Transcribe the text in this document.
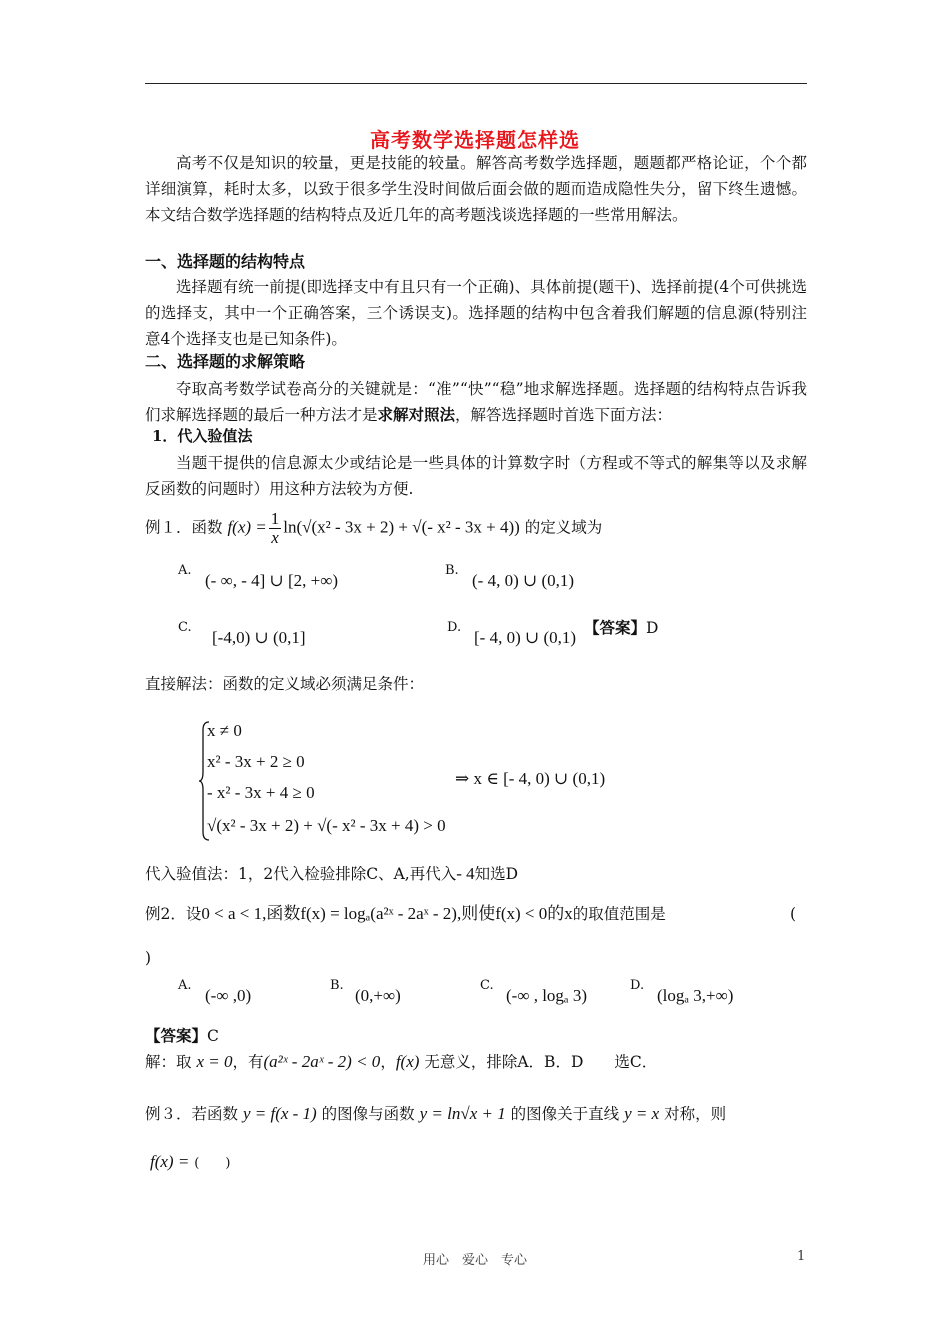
高考数学选择题怎样选
高考不仅是知识的较量，更是技能的较量。解答高考数学选择题，题题都严格论证，个个都详细演算，耗时太多，以致于很多学生没时间做后面会做的题而造成隐性失分，留下终生遗憾。本文结合数学选择题的结构特点及近几年的高考题浅谈选择题的一些常用解法。
一、选择题的结构特点
选择题有统一前提(即选择支中有且只有一个正确)、具体前提(题干)、选择前提(4个可供挑选的选择支，其中一个正确答案，三个诱误支)。选择题的结构中包含着我们解题的信息源(特别注意4个选择支也是已知条件)。
二、选择题的求解策略
夺取高考数学试卷高分的关键就是：“准”“快”“稳”地求解选择题。选择题的结构特点告诉我们求解选择题的最后一种方法才是求解对照法，解答选择题时首选下面方法：
1．代入验值法
当题干提供的信息源太少或结论是一些具体的计算数字时（方程或不等式的解集等以及求解反函数的问题时）用这种方法较为方便.
例１．函数 $f(x) = \frac{1}{x} \ln(√(x^2 - 3x + 2)$ + √(- x² - 3x + 4)) 的定义域为
A.
(- ∞, - 4] ∪ [2, +∞)
B.
(- 4, 0) ∪ (0,1)
C.
[-4,0) ∪ (0,1]
D.
[- 4, 0) ∪ (0,1)
【答案】D
直接解法：函数的定义域必须满足条件：
x ≠ 0
x² - 3x + 2 ≥ 0
- x² - 3x + 4 ≥ 0
√(x² - 3x + 2) + √(- x² - 3x + 4) > 0
⇒ x ∈ [- 4, 0) ∪ (0,1)
代入验值法：1，2代入检验排除C、A,再代入- 4知选D
例2．设0 < a < 1,函数f(x) = logₐ(a²ˣ - 2aˣ - 2),则使f(x) < 0的x的取值范围是	(
)
A.
(-∞ ,0)
B.
(0,+∞)
C.
(-∞ , logₐ 3)
D.
(logₐ 3,+∞)
【答案】C
解：取 x = 0，有(a²ˣ - 2aˣ - 2) < 0，f(x) 无意义，排除A．B．D　　选C．
例３．若函数 y = f(x - 1) 的图像与函数 y = ln√x + 1 的图像关于直线 y = x 对称，则
f(x) = (　　)
用心　爱心　专心	1
